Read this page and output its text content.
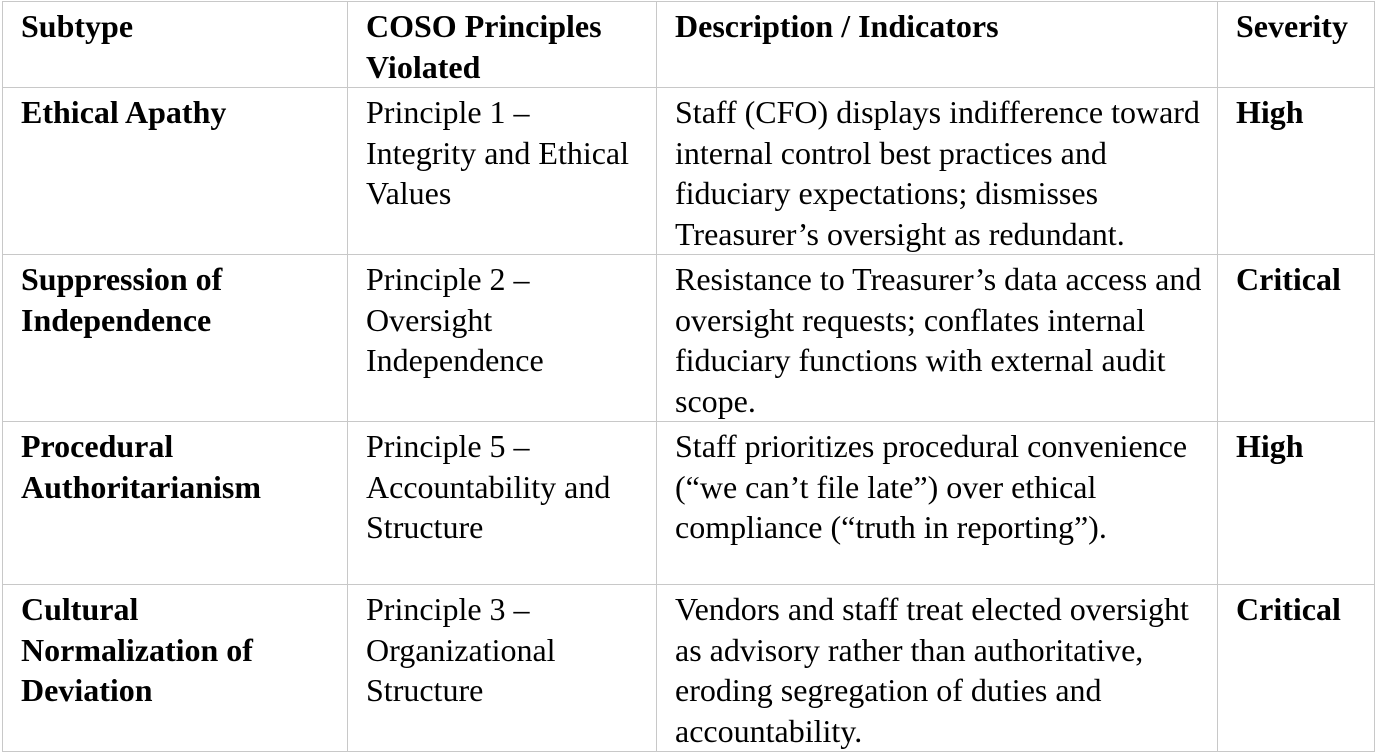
Subtype	COSO Principles Violated	Description / Indicators	Severity
Ethical Apathy	Principle 1 – Integrity and Ethical Values	Staff (CFO) displays indifference toward internal control best practices and fiduciary expectations; dismisses Treasurer’s oversight as redundant.	High
Suppression of Independence	Principle 2 – Oversight Independence	Resistance to Treasurer’s data access and oversight requests; conflates internal fiduciary functions with external audit scope.	Critical
Procedural Authoritarianism	Principle 5 – Accountability and Structure	Staff prioritizes procedural convenience (“we can’t file late”) over ethical compliance (“truth in reporting”).	High
Cultural Normalization of Deviation	Principle 3 – Organizational Structure	Vendors and staff treat elected oversight as advisory rather than authoritative, eroding segregation of duties and accountability.	Critical
